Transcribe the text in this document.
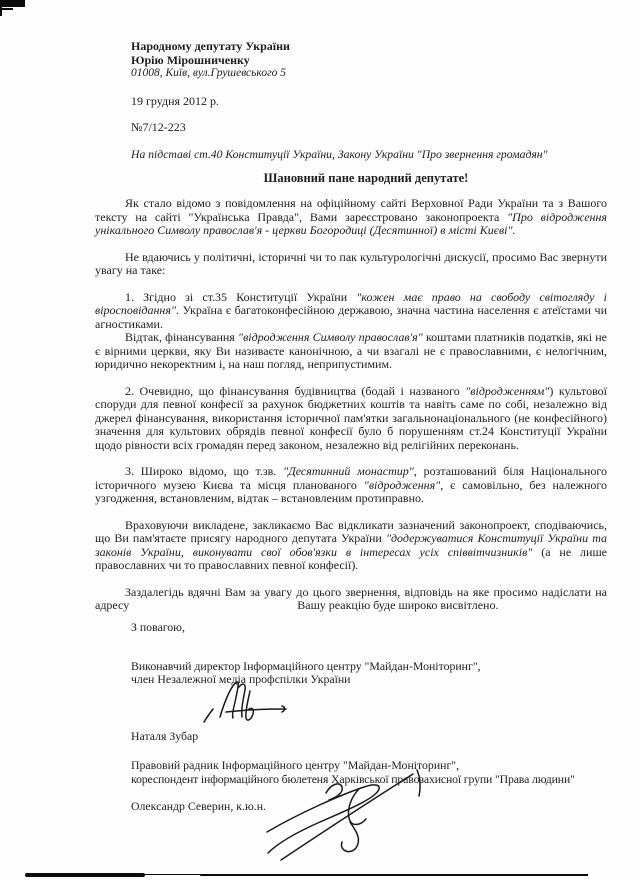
Народному депутату України
Юрію Мірошниченку
01008, Київ, вул.Грушевського 5
19 грудня 2012 р.
№7/12-223
На підставі ст.40 Конституції України, Закону України "Про звернення громадян"
Шановний пане народний депутате!

Як стало відомо з повідомлення на офіційному сайті Верховної Ради України та з Вашого тексту на сайті "Українська Правда", Вами зареєстровано законопроекта "Про відродження унікального Символу православ'я - церкви Богородиці (Десятинної) в місті Києві".

Не вдаючись у політичні, історичні чи то пак культурологічні дискусії, просимо Вас звернути увагу на таке:

1. Згідно зі ст.35 Конституції України "кожен має право на свободу світогляду і віросповідання". Україна є багатоконфесійною державою, значна частина населення є атеїстами чи агностиками.

Відтак, фінансування "відродження Символу православ'я" коштами платників податків, які не є вірними церкви, яку Ви називаєте канонічною, а чи взагалі не є православними, є нелогічним, юридично некоректним і, на наш погляд, неприпустимим.

2. Очевидно, що фінансування будівництва (бодай і названого "відродженням") культової споруди для певної конфесії за рахунок бюджетних коштів та навіть саме по собі, незалежно від джерел фінансування, використання історичної пам'ятки загальнонаціонального (не конфесійного) значення для культових обрядів певної конфесії було б порушенням ст.24 Конституції України щодо рівности всіх громадян перед законом, незалежно від релігійних переконань.

3. Широко відомо, що т.зв. "Десятинний монастир", розташований біля Національного історичного музею Києва та місця планованого "відродження", є самовільно, без належного узгодження, встановленим, відтак – встановленим протиправно.

Враховуючи викладене, закликаємо Вас відкликати зазначений законопроект, сподіваючись, що Ви пам'ятаєте присягу народного депутата України "додержуватися Конституції України та законів України, виконувати свої обов'язки в інтересах усіх співвітчизників" (а не лише православних чи то православних певної конфесії).

Заздалегідь вдячні Вам за увагу до цього звернення, відповідь на яке просимо надіслати на
адресу	Вашу реакцію буде широко висвітлено.
З повагою,
Виконавчий директор Інформаційного центру "Майдан-Моніторинг",
член Незалежної медіа профспілки України
Наталя Зубар
Правовий радник Інформаційного центру "Майдан-Моніторинг",
кореспондент інформаційного бюлетеня Харківської правозахисної групи "Права людини"
Олександр Северин, к.ю.н.
